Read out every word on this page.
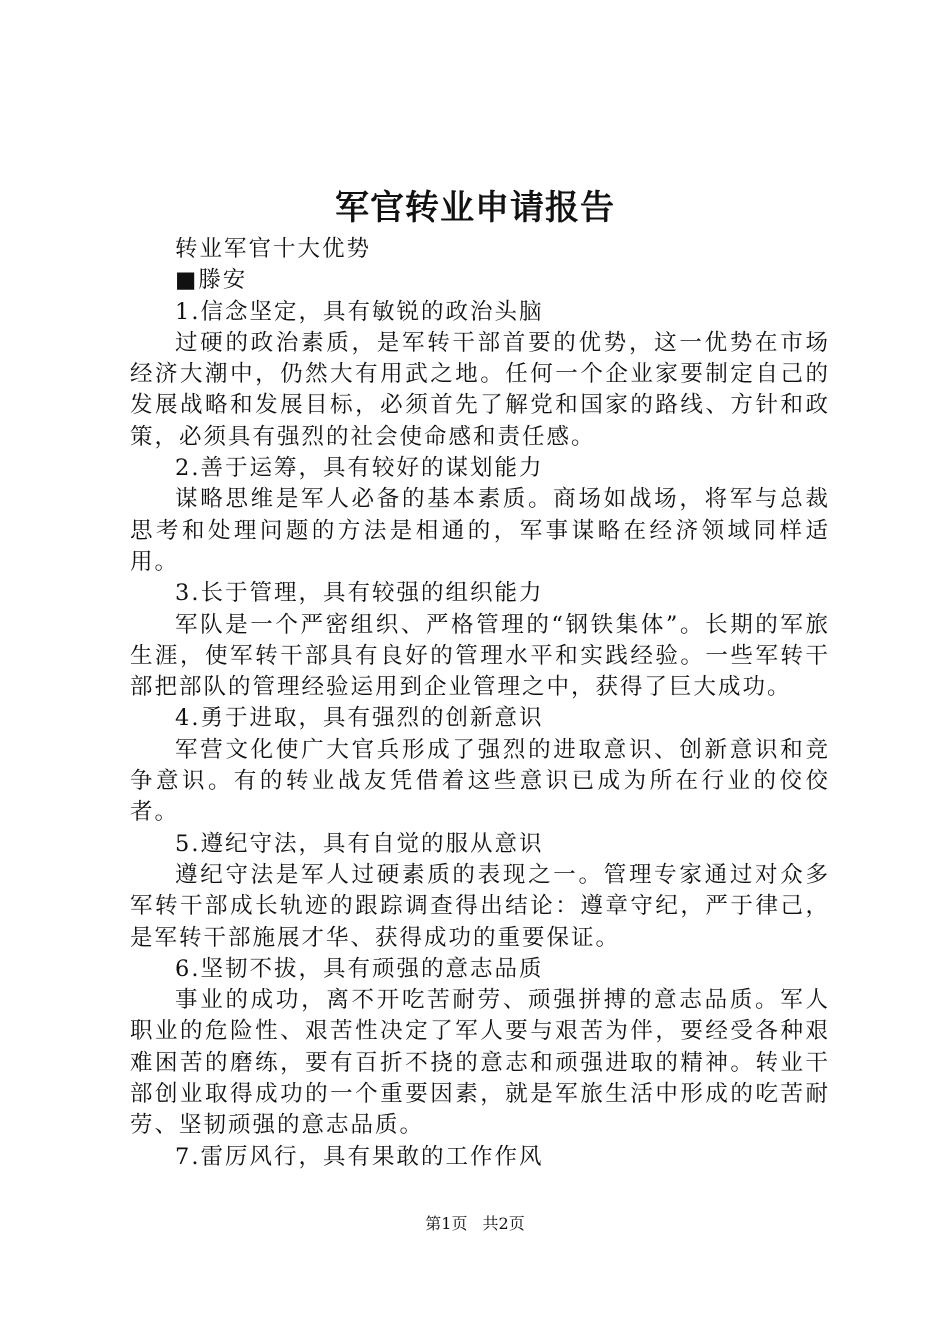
军官转业申请报告

转业军官十大优势

■滕安

1.信念坚定，具有敏锐的政治头脑

过硬的政治素质，是军转干部首要的优势，这一优势在市场经济大潮中，仍然大有用武之地。任何一个企业家要制定自己的发展战略和发展目标，必须首先了解党和国家的路线、方针和政策，必须具有强烈的社会使命感和责任感。

2.善于运筹，具有较好的谋划能力

谋略思维是军人必备的基本素质。商场如战场，将军与总裁思考和处理问题的方法是相通的，军事谋略在经济领域同样适用。

3.长于管理，具有较强的组织能力

军队是一个严密组织、严格管理的“钢铁集体”。长期的军旅生涯，使军转干部具有良好的管理水平和实践经验。一些军转干部把部队的管理经验运用到企业管理之中，获得了巨大成功。

4.勇于进取，具有强烈的创新意识

军营文化使广大官兵形成了强烈的进取意识、创新意识和竞争意识。有的转业战友凭借着这些意识已成为所在行业的佼佼者。

5.遵纪守法，具有自觉的服从意识

遵纪守法是军人过硬素质的表现之一。管理专家通过对众多军转干部成长轨迹的跟踪调查得出结论：遵章守纪，严于律己，是军转干部施展才华、获得成功的重要保证。

6.坚韧不拔，具有顽强的意志品质

事业的成功，离不开吃苦耐劳、顽强拼搏的意志品质。军人职业的危险性、艰苦性决定了军人要与艰苦为伴，要经受各种艰难困苦的磨练，要有百折不挠的意志和顽强进取的精神。转业干部创业取得成功的一个重要因素，就是军旅生活中形成的吃苦耐劳、坚韧顽强的意志品质。

7.雷厉风行，具有果敢的工作作风

第1页 共2页
